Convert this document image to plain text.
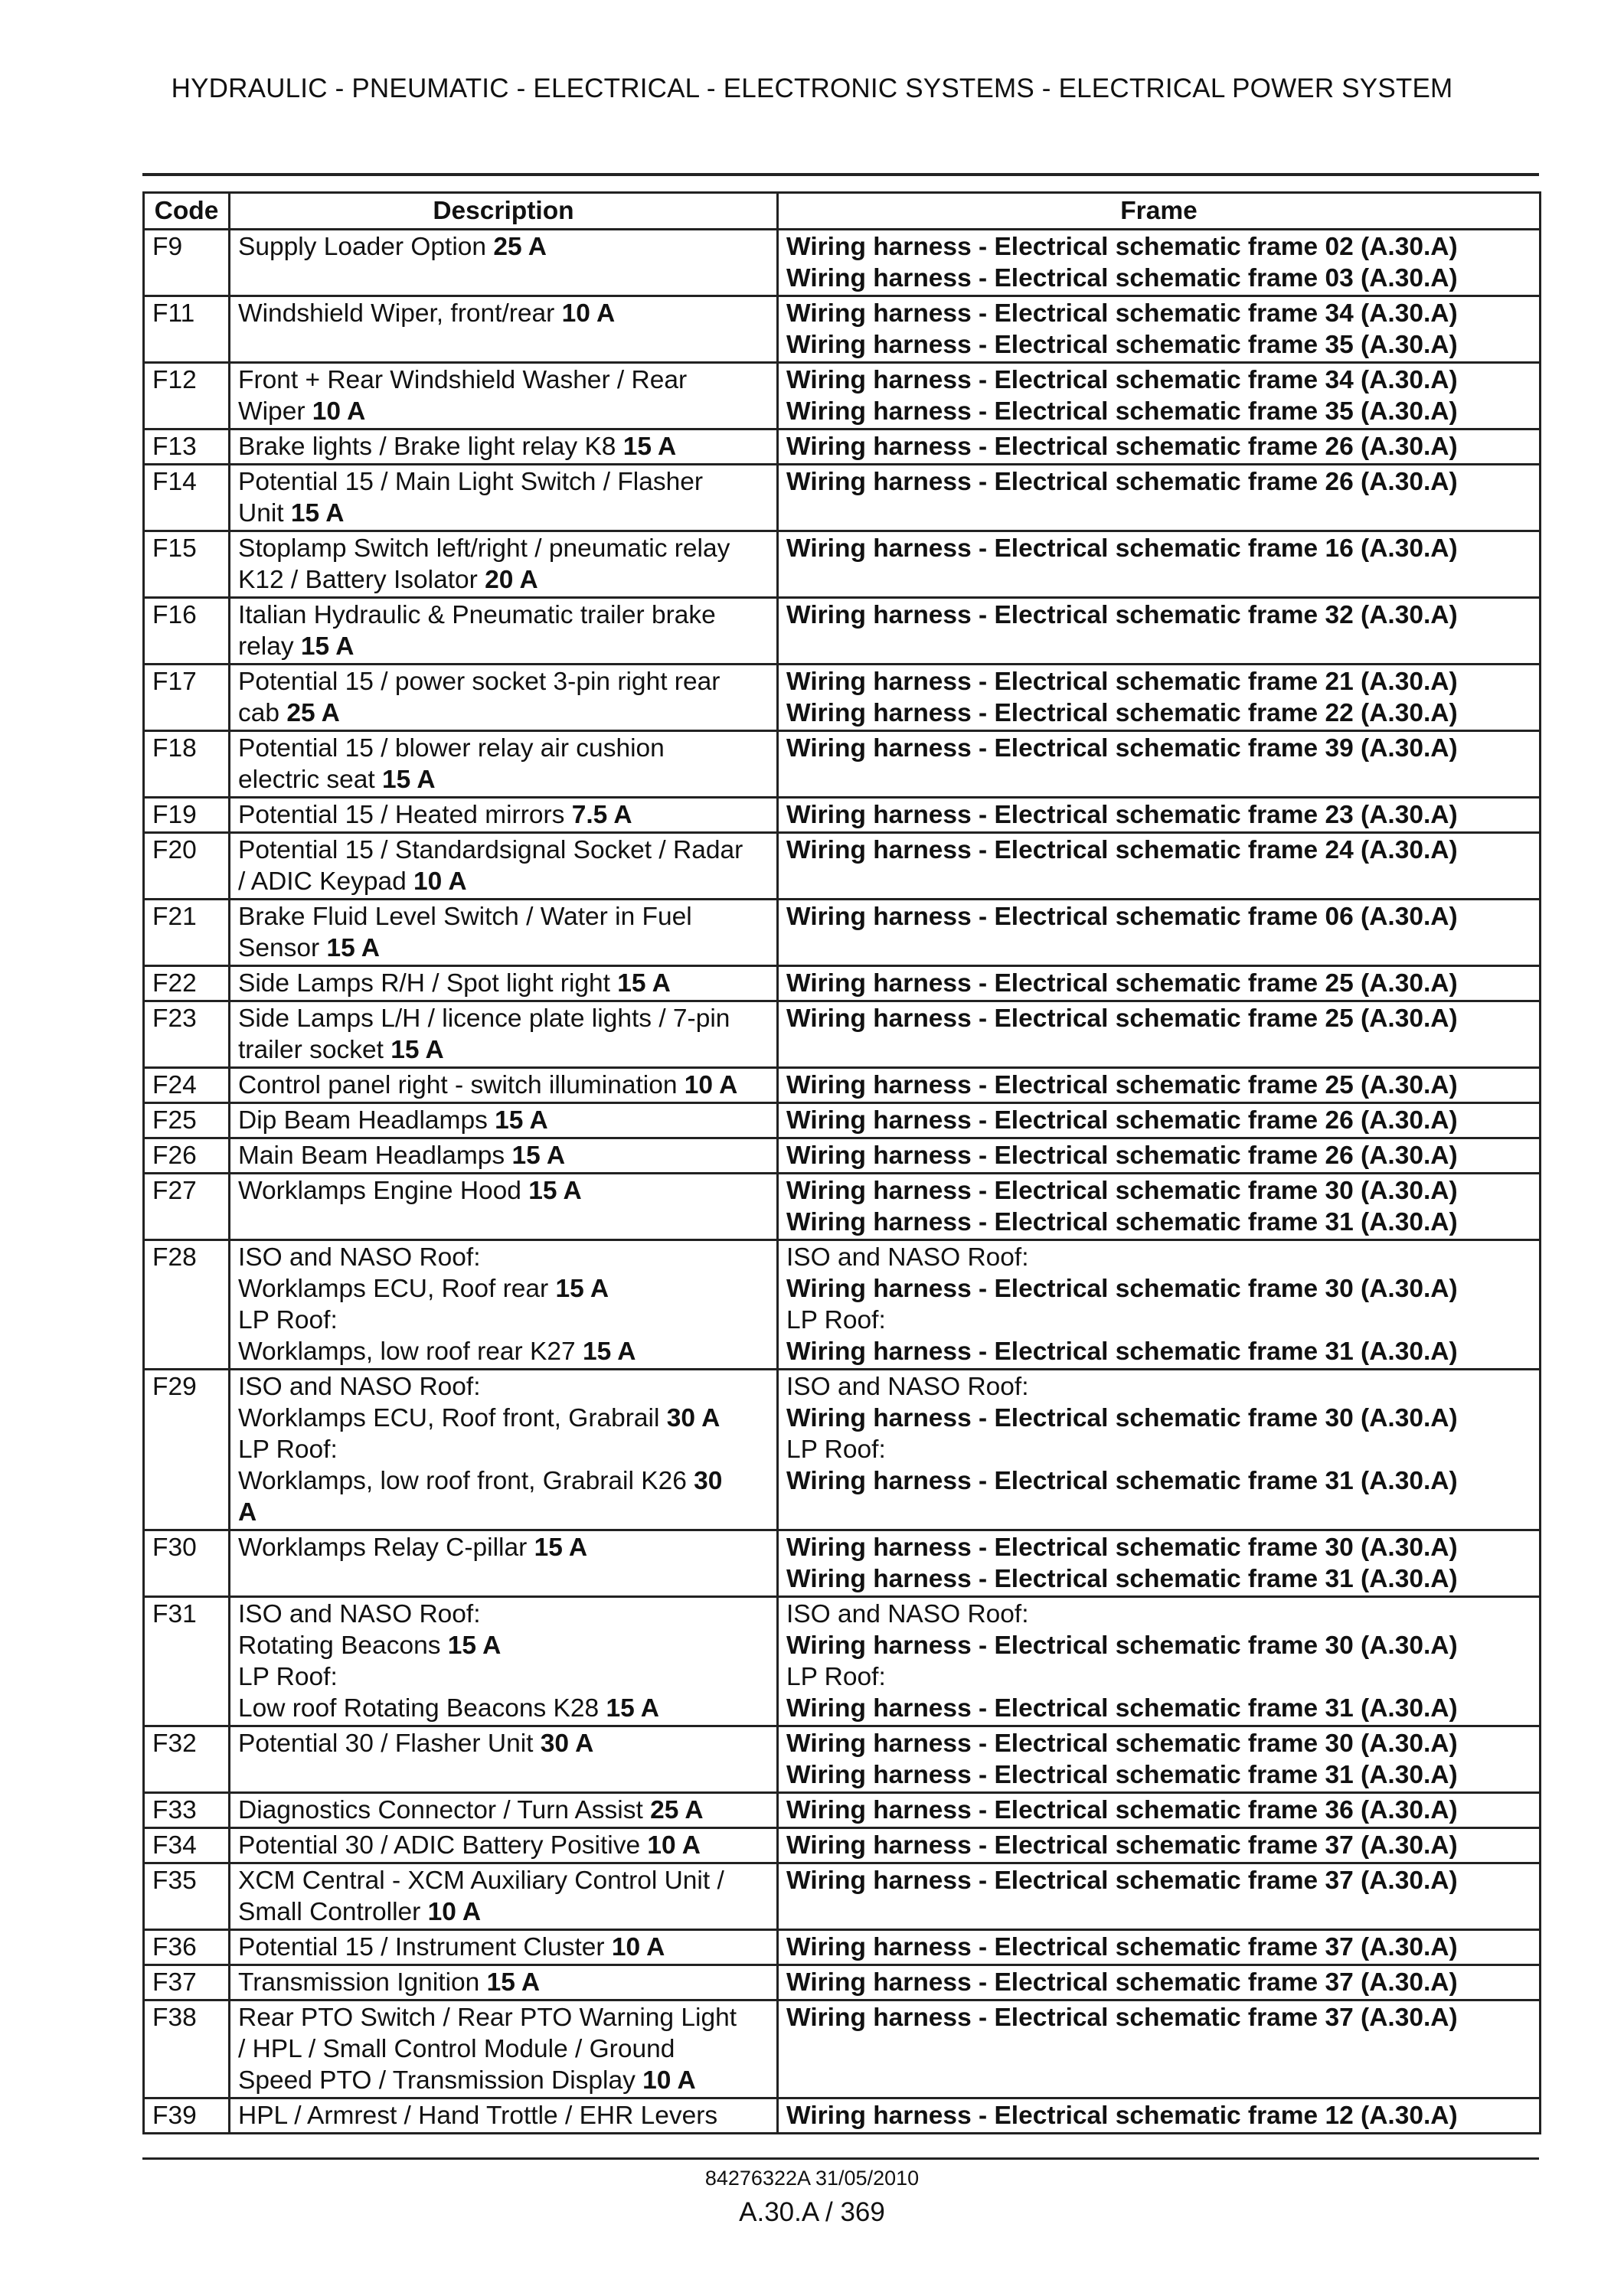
HYDRAULIC - PNEUMATIC - ELECTRICAL - ELECTRONIC SYSTEMS - ELECTRICAL POWER SYSTEM
Code	Description	Frame
F9	Supply Loader Option 25 A	Wiring harness - Electrical schematic frame 02 (A.30.A)
Wiring harness - Electrical schematic frame 03 (A.30.A)

F11	Windshield Wiper, front/rear 10 A	Wiring harness - Electrical schematic frame 34 (A.30.A)
Wiring harness - Electrical schematic frame 35 (A.30.A)

F12	Front + Rear Windshield Washer / Rear
Wiper 10 A	Wiring harness - Electrical schematic frame 34 (A.30.A)
Wiring harness - Electrical schematic frame 35 (A.30.A)

F13	Brake lights / Brake light relay K8 15 A	Wiring harness - Electrical schematic frame 26 (A.30.A)

F14	Potential 15 / Main Light Switch / Flasher
Unit 15 A	Wiring harness - Electrical schematic frame 26 (A.30.A)

F15	Stoplamp Switch left/right / pneumatic relay
K12 / Battery Isolator 20 A	Wiring harness - Electrical schematic frame 16 (A.30.A)

F16	Italian Hydraulic & Pneumatic trailer brake
relay 15 A	Wiring harness - Electrical schematic frame 32 (A.30.A)

F17	Potential 15 / power socket 3-pin right rear
cab 25 A	Wiring harness - Electrical schematic frame 21 (A.30.A)
Wiring harness - Electrical schematic frame 22 (A.30.A)

F18	Potential 15 / blower relay air cushion
electric seat 15 A	Wiring harness - Electrical schematic frame 39 (A.30.A)

F19	Potential 15 / Heated mirrors 7.5 A	Wiring harness - Electrical schematic frame 23 (A.30.A)

F20	Potential 15 / Standardsignal Socket / Radar
/ ADIC Keypad 10 A	Wiring harness - Electrical schematic frame 24 (A.30.A)

F21	Brake Fluid Level Switch / Water in Fuel
Sensor 15 A	Wiring harness - Electrical schematic frame 06 (A.30.A)

F22	Side Lamps R/H / Spot light right 15 A	Wiring harness - Electrical schematic frame 25 (A.30.A)

F23	Side Lamps L/H / licence plate lights / 7-pin
trailer socket 15 A	Wiring harness - Electrical schematic frame 25 (A.30.A)

F24	Control panel right - switch illumination 10 A	Wiring harness - Electrical schematic frame 25 (A.30.A)

F25	Dip Beam Headlamps 15 A	Wiring harness - Electrical schematic frame 26 (A.30.A)

F26	Main Beam Headlamps 15 A	Wiring harness - Electrical schematic frame 26 (A.30.A)

F27	Worklamps Engine Hood 15 A	Wiring harness - Electrical schematic frame 30 (A.30.A)
Wiring harness - Electrical schematic frame 31 (A.30.A)

F28	ISO and NASO Roof:
Worklamps ECU, Roof rear 15 A
LP Roof:
Worklamps, low roof rear K27 15 A	ISO and NASO Roof:
Wiring harness - Electrical schematic frame 30 (A.30.A)
LP Roof:
Wiring harness - Electrical schematic frame 31 (A.30.A)

F29	ISO and NASO Roof:
Worklamps ECU, Roof front, Grabrail 30 A
LP Roof:
Worklamps, low roof front, Grabrail K26 30
A	ISO and NASO Roof:
Wiring harness - Electrical schematic frame 30 (A.30.A)
LP Roof:
Wiring harness - Electrical schematic frame 31 (A.30.A)

F30	Worklamps Relay C-pillar 15 A	Wiring harness - Electrical schematic frame 30 (A.30.A)
Wiring harness - Electrical schematic frame 31 (A.30.A)

F31	ISO and NASO Roof:
Rotating Beacons 15 A
LP Roof:
Low roof Rotating Beacons K28 15 A	ISO and NASO Roof:
Wiring harness - Electrical schematic frame 30 (A.30.A)
LP Roof:
Wiring harness - Electrical schematic frame 31 (A.30.A)

F32	Potential 30 / Flasher Unit 30 A	Wiring harness - Electrical schematic frame 30 (A.30.A)
Wiring harness - Electrical schematic frame 31 (A.30.A)

F33	Diagnostics Connector / Turn Assist 25 A	Wiring harness - Electrical schematic frame 36 (A.30.A)

F34	Potential 30 / ADIC Battery Positive 10 A	Wiring harness - Electrical schematic frame 37 (A.30.A)

F35	XCM Central - XCM Auxiliary Control Unit /
Small Controller 10 A	Wiring harness - Electrical schematic frame 37 (A.30.A)

F36	Potential 15 / Instrument Cluster 10 A	Wiring harness - Electrical schematic frame 37 (A.30.A)

F37	Transmission Ignition 15 A	Wiring harness - Electrical schematic frame 37 (A.30.A)

F38	Rear PTO Switch / Rear PTO Warning Light
/ HPL / Small Control Module / Ground
Speed PTO / Transmission Display 10 A	Wiring harness - Electrical schematic frame 37 (A.30.A)

F39	HPL / Armrest / Hand Trottle / EHR Levers	Wiring harness - Electrical schematic frame 12 (A.30.A)
84276322A 31/05/2010
A.30.A / 369
